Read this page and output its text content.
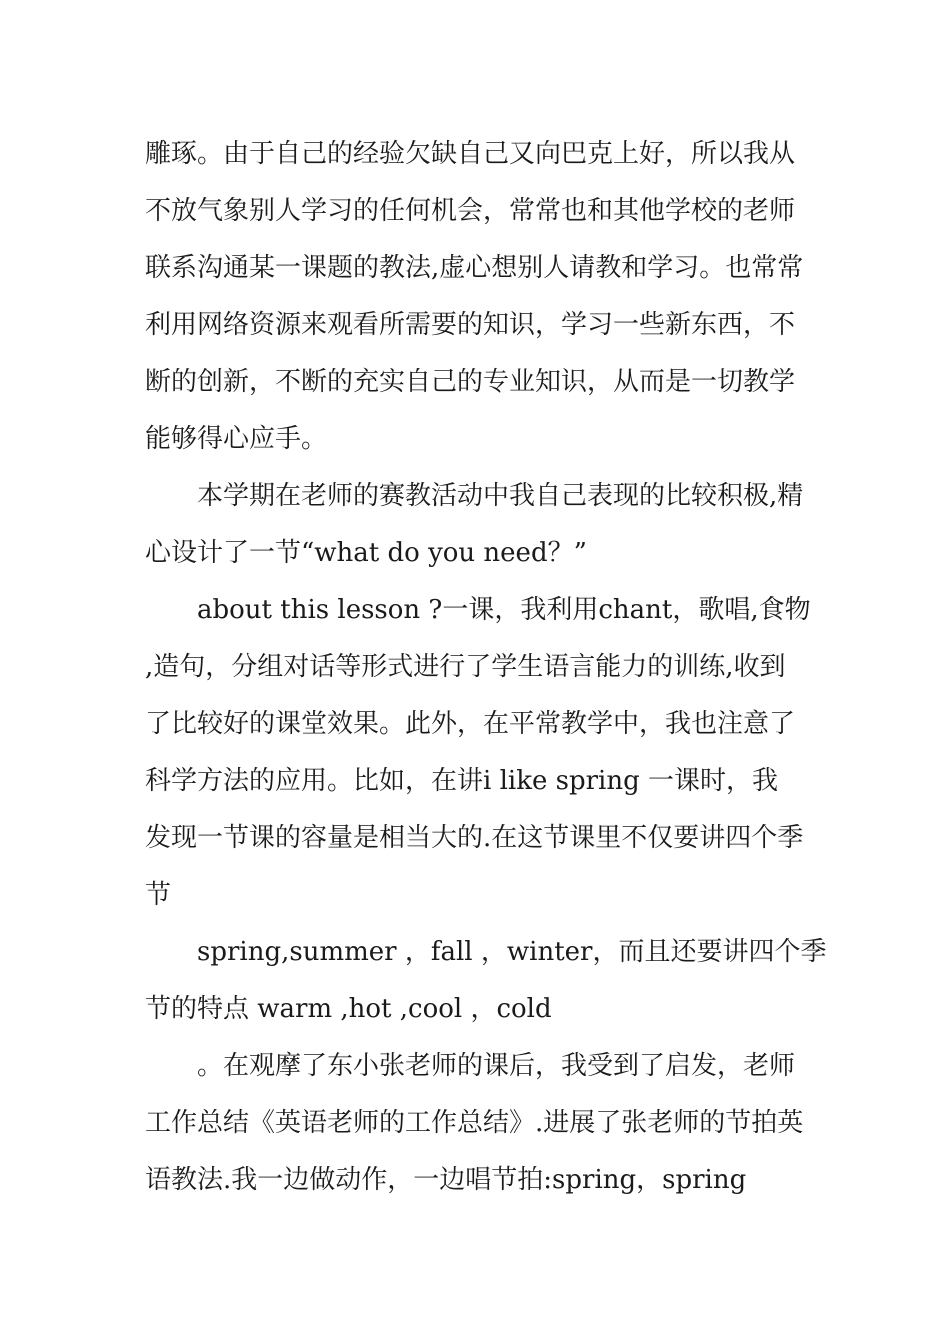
雕琢。由于自己的经验欠缺自己又向巴克上好，所以我从
不放气象别人学习的任何机会，常常也和其他学校的老师
联系沟通某一课题的教法,虚心想别人请教和学习。也常常
利用网络资源来观看所需要的知识，学习一些新东西，不
断的创新，不断的充实自己的专业知识，从而是一切教学
能够得心应手。
本学期在老师的赛教活动中我自己表现的比较积极,精
心设计了一节“what do you need？”
about this lesson ?一课，我利用chant，歌唱,食物
,造句，分组对话等形式进行了学生语言能力的训练,收到
了比较好的课堂效果。此外，在平常教学中，我也注意了
科学方法的应用。比如，在讲i like spring 一课时，我
发现一节课的容量是相当大的.在这节课里不仅要讲四个季
节
spring,summer ，fall ，winter，而且还要讲四个季
节的特点 warm ,hot ,cool ，cold
。在观摩了东小张老师的课后，我受到了启发，老师
工作总结《英语老师的工作总结》.进展了张老师的节拍英
语教法.我一边做动作，一边唱节拍:spring，spring
